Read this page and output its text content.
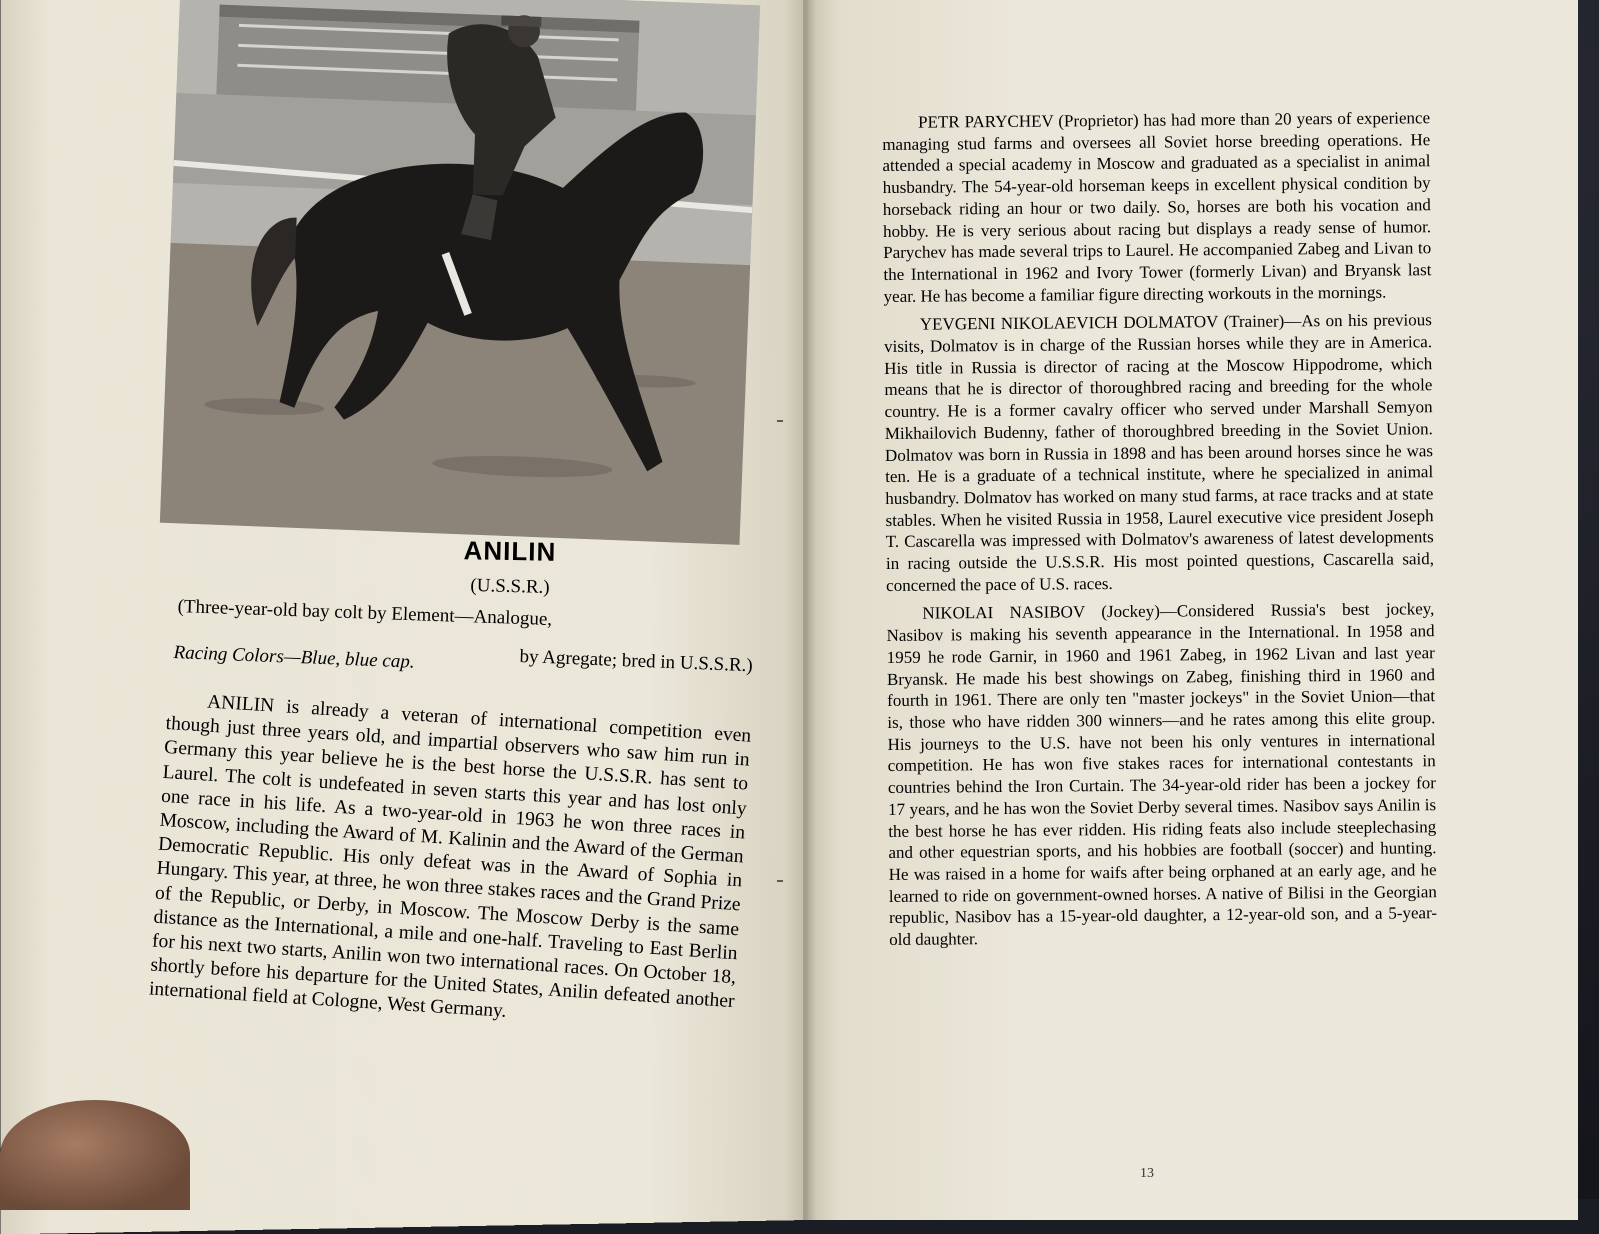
ANILIN
(U.S.S.R.)
(Three-year-old bay colt by Element—Analogue,
Racing Colors—Blue, blue cap.	by Agregate; bred in U.S.S.R.)

ANILIN is already a veteran of international competition even though just three years old, and impartial observers who saw him run in Germany this year believe he is the best horse the U.S.S.R. has sent to Laurel. The colt is undefeated in seven starts this year and has lost only one race in his life. As a two-year-old in 1963 he won three races in Moscow, including the Award of M. Kalinin and the Award of the German Democratic Republic. His only defeat was in the Award of Sophia in Hungary. This year, at three, he won three stakes races and the Grand Prize of the Republic, or Derby, in Moscow. The Moscow Derby is the same distance as the International, a mile and one-half. Traveling to East Berlin for his next two starts, Anilin won two international races. On October 18, shortly before his departure for the United States, Anilin defeated another international field at Cologne, West Germany.

PETR PARYCHEV (Proprietor) has had more than 20 years of experience managing stud farms and oversees all Soviet horse breeding operations. He attended a special academy in Moscow and graduated as a specialist in animal husbandry. The 54-year-old horseman keeps in excellent physical condition by horseback riding an hour or two daily. So, horses are both his vocation and hobby. He is very serious about racing but displays a ready sense of humor. Parychev has made several trips to Laurel. He accompanied Zabeg and Livan to the International in 1962 and Ivory Tower (formerly Livan) and Bryansk last year. He has become a familiar figure directing workouts in the mornings.

YEVGENI NIKOLAEVICH DOLMATOV (Trainer)—As on his previous visits, Dolmatov is in charge of the Russian horses while they are in America. His title in Russia is director of racing at the Moscow Hippodrome, which means that he is director of thoroughbred racing and breeding for the whole country. He is a former cavalry officer who served under Marshall Semyon Mikhailovich Budenny, father of thoroughbred breeding in the Soviet Union. Dolmatov was born in Russia in 1898 and has been around horses since he was ten. He is a graduate of a technical institute, where he specialized in animal husbandry. Dolmatov has worked on many stud farms, at race tracks and at state stables. When he visited Russia in 1958, Laurel executive vice president Joseph T. Cascarella was impressed with Dolmatov's awareness of latest developments in racing outside the U.S.S.R. His most pointed questions, Cascarella said, concerned the pace of U.S. races.

NIKOLAI NASIBOV (Jockey)—Considered Russia's best jockey, Nasibov is making his seventh appearance in the International. In 1958 and 1959 he rode Garnir, in 1960 and 1961 Zabeg, in 1962 Livan and last year Bryansk. He made his best showings on Zabeg, finishing third in 1960 and fourth in 1961. There are only ten "master jockeys" in the Soviet Union—that is, those who have ridden 300 winners—and he rates among this elite group. His journeys to the U.S. have not been his only ventures in international competition. He has won five stakes races for international contestants in countries behind the Iron Curtain. The 34-year-old rider has been a jockey for 17 years, and he has won the Soviet Derby several times. Nasibov says Anilin is the best horse he has ever ridden. His riding feats also include steeplechasing and other equestrian sports, and his hobbies are football (soccer) and hunting. He was raised in a home for waifs after being orphaned at an early age, and he learned to ride on government-owned horses. A native of Bilisi in the Georgian republic, Nasibov has a 15-year-old daughter, a 12-year-old son, and a 5-year-old daughter.

13
